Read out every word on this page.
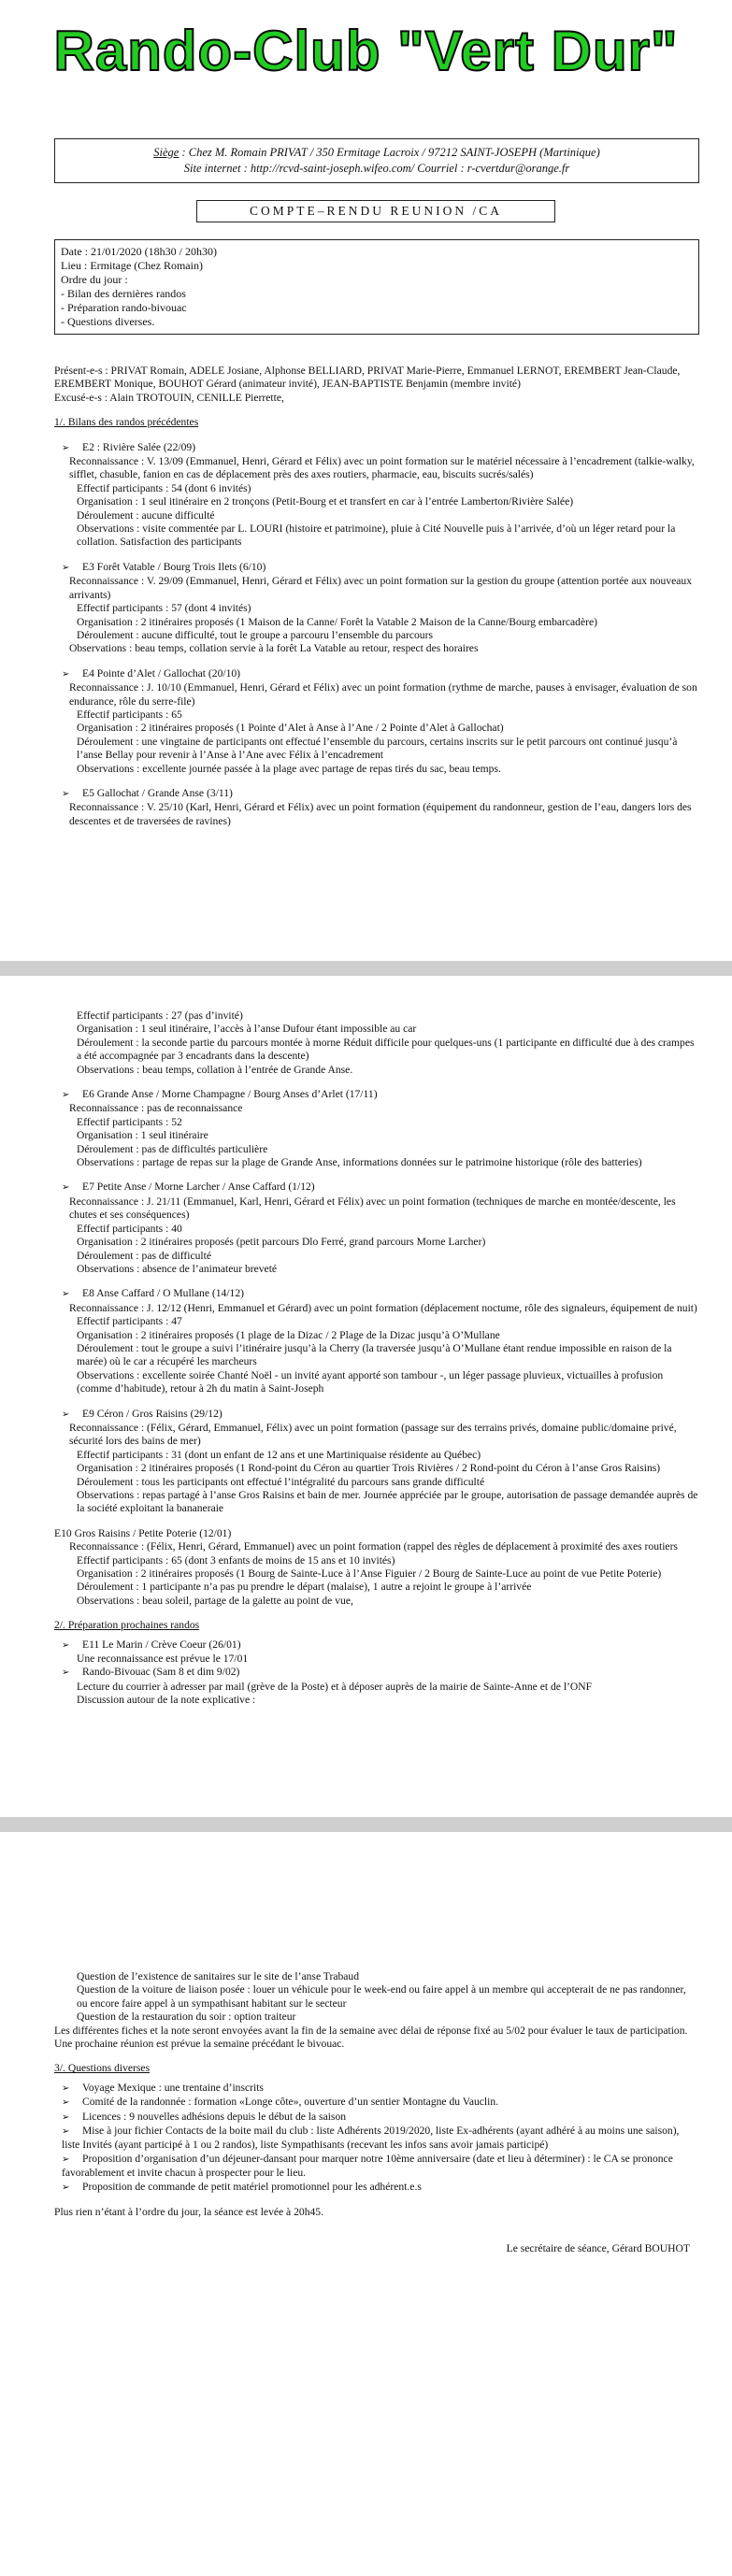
Rando-Club "Vert Dur"
Siège : Chez M. Romain PRIVAT / 350 Ermitage Lacroix / 97212 SAINT-JOSEPH (Martinique)
Site internet : http://rcvd-saint-joseph.wifeo.com/ Courriel : r-cvertdur@orange.fr
COMPTE–RENDU REUNION /CA

Date : 21/01/2020 (18h30 / 20h30)

Lieu : Ermitage (Chez Romain)

Ordre du jour :

- Bilan des dernières randos

- Préparation rando-bivouac

- Questions diverses.

Présent-e-s : PRIVAT Romain, ADELE Josiane, Alphonse BELLIARD, PRIVAT Marie-Pierre, Emmanuel LERNOT, EREMBERT Jean-Claude, EREMBERT Monique, BOUHOT Gérard (animateur invité), JEAN-BAPTISTE Benjamin (membre invité)

Excusé-e-s : Alain TROTOUIN, CENILLE Pierrette,

1/. Bilans des randos précédentes

➢ E2 : Rivière Salée (22/09)

Reconnaissance : V. 13/09 (Emmanuel, Henri, Gérard et Félix) avec un point formation sur le matériel nécessaire à l’encadrement (talkie-walky, sifflet, chasuble, fanion en cas de déplacement près des axes routiers, pharmacie, eau, biscuits sucrés/salés)

Effectif participants : 54 (dont 6 invités)

Organisation : 1 seul itinéraire en 2 tronçons (Petit-Bourg et et transfert en car à l’entrée Lamberton/Rivière Salée)

Déroulement : aucune difficulté

Observations : visite commentée par L. LOURI (histoire et patrimoine), pluie à Cité Nouvelle puis à l’arrivée, d’où un léger retard pour la collation. Satisfaction des participants

➢ E3 Forêt Vatable / Bourg Trois Ilets (6/10)

Reconnaissance : V. 29/09 (Emmanuel, Henri, Gérard et Félix) avec un point formation sur la gestion du groupe (attention portée aux nouveaux arrivants)

Effectif participants : 57 (dont 4 invités)

Organisation : 2 itinéraires proposés (1 Maison de la Canne/ Forêt la Vatable 2 Maison de la Canne/Bourg embarcadère)

Déroulement : aucune difficulté, tout le groupe a parcouru l’ensemble du parcours

Observations : beau temps, collation servie à la forêt La Vatable au retour, respect des horaires

➢ E4 Pointe d’Alet / Gallochat (20/10)

Reconnaissance : J. 10/10 (Emmanuel, Henri, Gérard et Félix) avec un point formation (rythme de marche, pauses à envisager, évaluation de son endurance, rôle du serre-file)

Effectif participants : 65

Organisation : 2 itinéraires proposés (1 Pointe d’Alet à Anse à l’Ane / 2 Pointe d’Alet à Gallochat)

Déroulement : une vingtaine de participants ont effectué l’ensemble du parcours, certains inscrits sur le petit parcours ont continué jusqu’à l’anse Bellay pour revenir à l’Anse à l’Ane avec Félix à l’encadrement

Observations : excellente journée passée à la plage avec partage de repas tirés du sac, beau temps.

➢ E5 Gallochat / Grande Anse (3/11)

Reconnaissance : V. 25/10 (Karl, Henri, Gérard et Félix) avec un point formation (équipement du randonneur, gestion de l’eau, dangers lors des descentes et de traversées de ravines)

Effectif participants : 27 (pas d’invité)

Organisation : 1 seul itinéraire, l’accès à l’anse Dufour étant impossible au car

Déroulement : la seconde partie du parcours montée à morne Réduit difficile pour quelques-uns (1 participante en difficulté due à des crampes a été accompagnée par 3 encadrants dans la descente)

Observations : beau temps, collation à l’entrée de Grande Anse.

➢ E6 Grande Anse / Morne Champagne / Bourg Anses d’Arlet (17/11)

Reconnaissance : pas de reconnaissance

Effectif participants : 52

Organisation : 1 seul itinéraire

Déroulement : pas de difficultés particulière

Observations : partage de repas sur la plage de Grande Anse, informations données sur le patrimoine historique (rôle des batteries)

➢ E7 Petite Anse / Morne Larcher / Anse Caffard (1/12)

Reconnaissance : J. 21/11 (Emmanuel, Karl, Henri, Gérard et Félix) avec un point formation (techniques de marche en montée/descente, les chutes et ses conséquences)

Effectif participants : 40

Organisation : 2 itinéraires proposés (petit parcours Dlo Ferré, grand parcours Morne Larcher)

Déroulement : pas de difficulté

Observations : absence de l’animateur breveté

➢ E8 Anse Caffard / O Mullane (14/12)

Reconnaissance : J. 12/12 (Henri, Emmanuel et Gérard) avec un point formation (déplacement noctume, rôle des signaleurs, équipement de nuit)

Effectif participants : 47

Organisation : 2 itinéraires proposés (1 plage de la Dizac / 2 Plage de la Dizac jusqu’à O’Mullane

Déroulement : tout le groupe a suivi l’itinéraire jusqu’à la Cherry (la traversée jusqu’à O’Mullane étant rendue impossible en raison de la marée) où le car a récupéré les marcheurs

Observations : excellente soirée Chanté Noël - un invité ayant apporté son tambour -, un léger passage pluvieux, victuailles à profusion (comme d’habitude), retour à 2h du matin à Saint-Joseph

➢ E9 Céron / Gros Raisins (29/12)

Reconnaissance : (Félix, Gérard, Emmanuel, Félix) avec un point formation (passage sur des terrains privés, domaine public/domaine privé, sécurité lors des bains de mer)

Effectif participants : 31 (dont un enfant de 12 ans et une Martiniquaise résidente au Québec)

Organisation : 2 itinéraires proposés (1 Rond-point du Céron au quartier Trois Rivières / 2 Rond-point du Céron à l’anse Gros Raisins)

Déroulement : tous les participants ont effectué l’intégralité du parcours sans grande difficulté

Observations : repas partagé à l’anse Gros Raisins et bain de mer. Journée appréciée par le groupe, autorisation de passage demandée auprès de la société exploitant la bananeraie

E10 Gros Raisins / Petite Poterie (12/01)

Reconnaissance : (Félix, Henri, Gérard, Emmanuel) avec un point formation (rappel des règles de déplacement à proximité des axes routiers

Effectif participants : 65 (dont 3 enfants de moins de 15 ans et 10 invités)

Organisation : 2 itinéraires proposés (1 Bourg de Sainte-Luce à l’Anse Figuier / 2 Bourg de Sainte-Luce au point de vue Petite Poterie)

Déroulement : 1 participante n’a pas pu prendre le départ (malaise), 1 autre a rejoint le groupe à l’arrivée

Observations : beau soleil, partage de la galette au point de vue,

2/. Préparation prochaines randos

➢ E11 Le Marin / Crève Coeur (26/01)

Une reconnaissance est prévue le 17/01

➢ Rando-Bivouac (Sam 8 et dim 9/02)

Lecture du courrier à adresser par mail (grève de la Poste) et à déposer auprès de la mairie de Sainte-Anne et de l’ONF

Discussion autour de la note explicative :

Question de l’existence de sanitaires sur le site de l’anse Trabaud

Question de la voiture de liaison posée : louer un véhicule pour le week-end ou faire appel à un membre qui accepterait de ne pas randonner, ou encore faire appel à un sympathisant habitant sur le secteur

Question de la restauration du soir : option traiteur

Les différentes fiches et la note seront envoyées avant la fin de la semaine avec délai de réponse fixé au 5/02 pour évaluer le taux de participation. Une prochaine réunion est prévue la semaine précédant le bivouac.

3/. Questions diverses

➢ Voyage Mexique : une trentaine d’inscrits

➢ Comité de la randonnée : formation «Longe côte», ouverture d’un sentier Montagne du Vauclin.

➢ Licences : 9 nouvelles adhésions depuis le début de la saison

➢ Mise à jour fichier Contacts de la boite mail du club : liste Adhérents 2019/2020, liste Ex-adhérents (ayant adhéré à au moins une saison), liste Invités (ayant participé à 1 ou 2 randos), liste Sympathisants (recevant les infos sans avoir jamais participé)

➢ Proposition d’organisation d’un déjeuner-dansant pour marquer notre 10ème anniversaire (date et lieu à déterminer) : le CA se prononce favorablement et invite chacun à prospecter pour le lieu.

➢ Proposition de commande de petit matériel promotionnel pour les adhérent.e.s

Plus rien n’étant à l’ordre du jour, la séance est levée à 20h45.

Le secrétaire de séance, Gérard BOUHOT
